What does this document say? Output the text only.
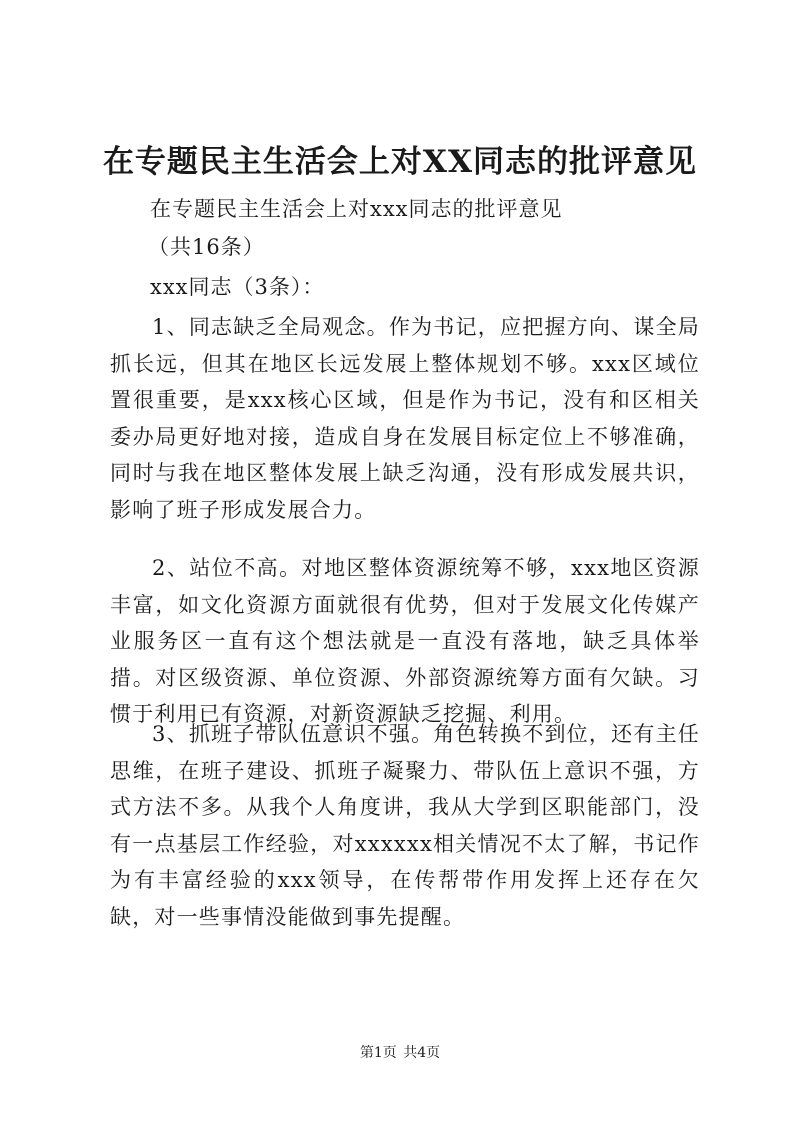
在专题民主生活会上对XX同志的批评意见
在专题民主生活会上对xxx同志的批评意见
（共16条）
xxx同志（3条）：

1、同志缺乏全局观念。作为书记，应把握方向、谋全局抓长远，但其在地区长远发展上整体规划不够。xxx区域位置很重要，是xxx核心区域，但是作为书记，没有和区相关委办局更好地对接，造成自身在发展目标定位上不够准确，同时与我在地区整体发展上缺乏沟通，没有形成发展共识，影响了班子形成发展合力。

2、站位不高。对地区整体资源统筹不够，xxx地区资源丰富，如文化资源方面就很有优势，但对于发展文化传媒产业服务区一直有这个想法就是一直没有落地，缺乏具体举措。对区级资源、单位资源、外部资源统筹方面有欠缺。习惯于利用已有资源，对新资源缺乏挖掘、利用。

3、抓班子带队伍意识不强。角色转换不到位，还有主任思维，在班子建设、抓班子凝聚力、带队伍上意识不强，方式方法不多。从我个人角度讲，我从大学到区职能部门，没有一点基层工作经验，对xxxxxx相关情况不太了解，书记作为有丰富经验的xxx领导，在传帮带作用发挥上还存在欠缺，对一些事情没能做到事先提醒。

第1页 共4页
